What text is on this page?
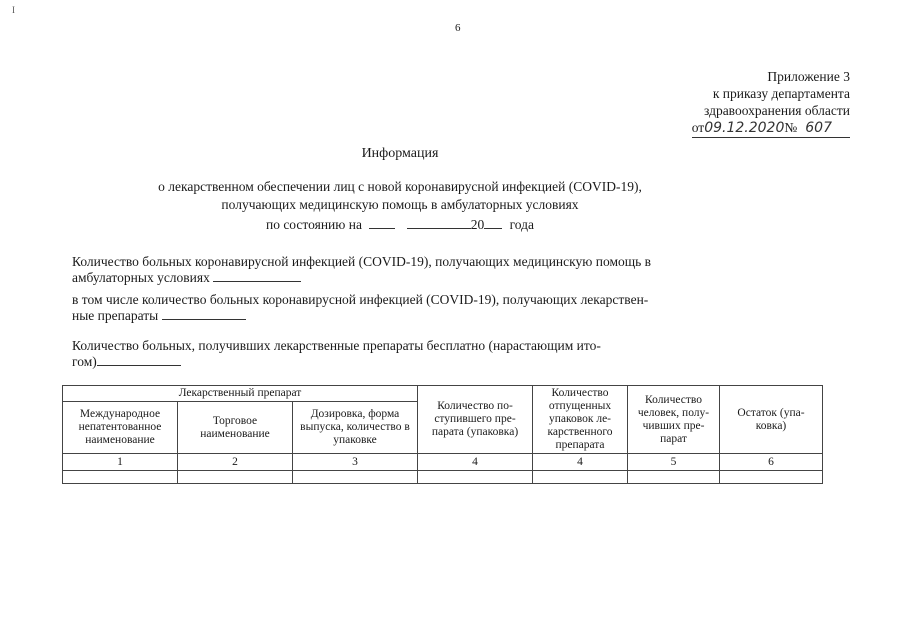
I
6
Приложение 3
к приказу департамента
здравоохранения области
от09.12.2020№ 607
Информация
о лекарственном обеспечении лиц с новой коронавирусной инфекцией (COVID-19),
получающих медицинскую помощь в амбулаторных условиях
по состоянию на	20 года
Количество больных коронавирусной инфекцией (COVID-19), получающих медицинскую помощь в
амбулаторных условиях
в том числе количество больных коронавирусной инфекцией (COVID-19), получающих лекарствен-
ные препараты
Количество больных, получивших лекарственные препараты бесплатно (нарастающим ито-
гом)
Лекарственный препарат			Количество по-ступившего пре-парата (упаковка)	Количество отпущенных упаковок ле-карственного препарата	Количество человек, полу-чивших пре-парат	Остаток (упа-ковка)
Международное непатентованное наименование	Торговое наименование	Дозировка, форма выпуска, количество в упаковке				
1	2	3	4	4	5	6
